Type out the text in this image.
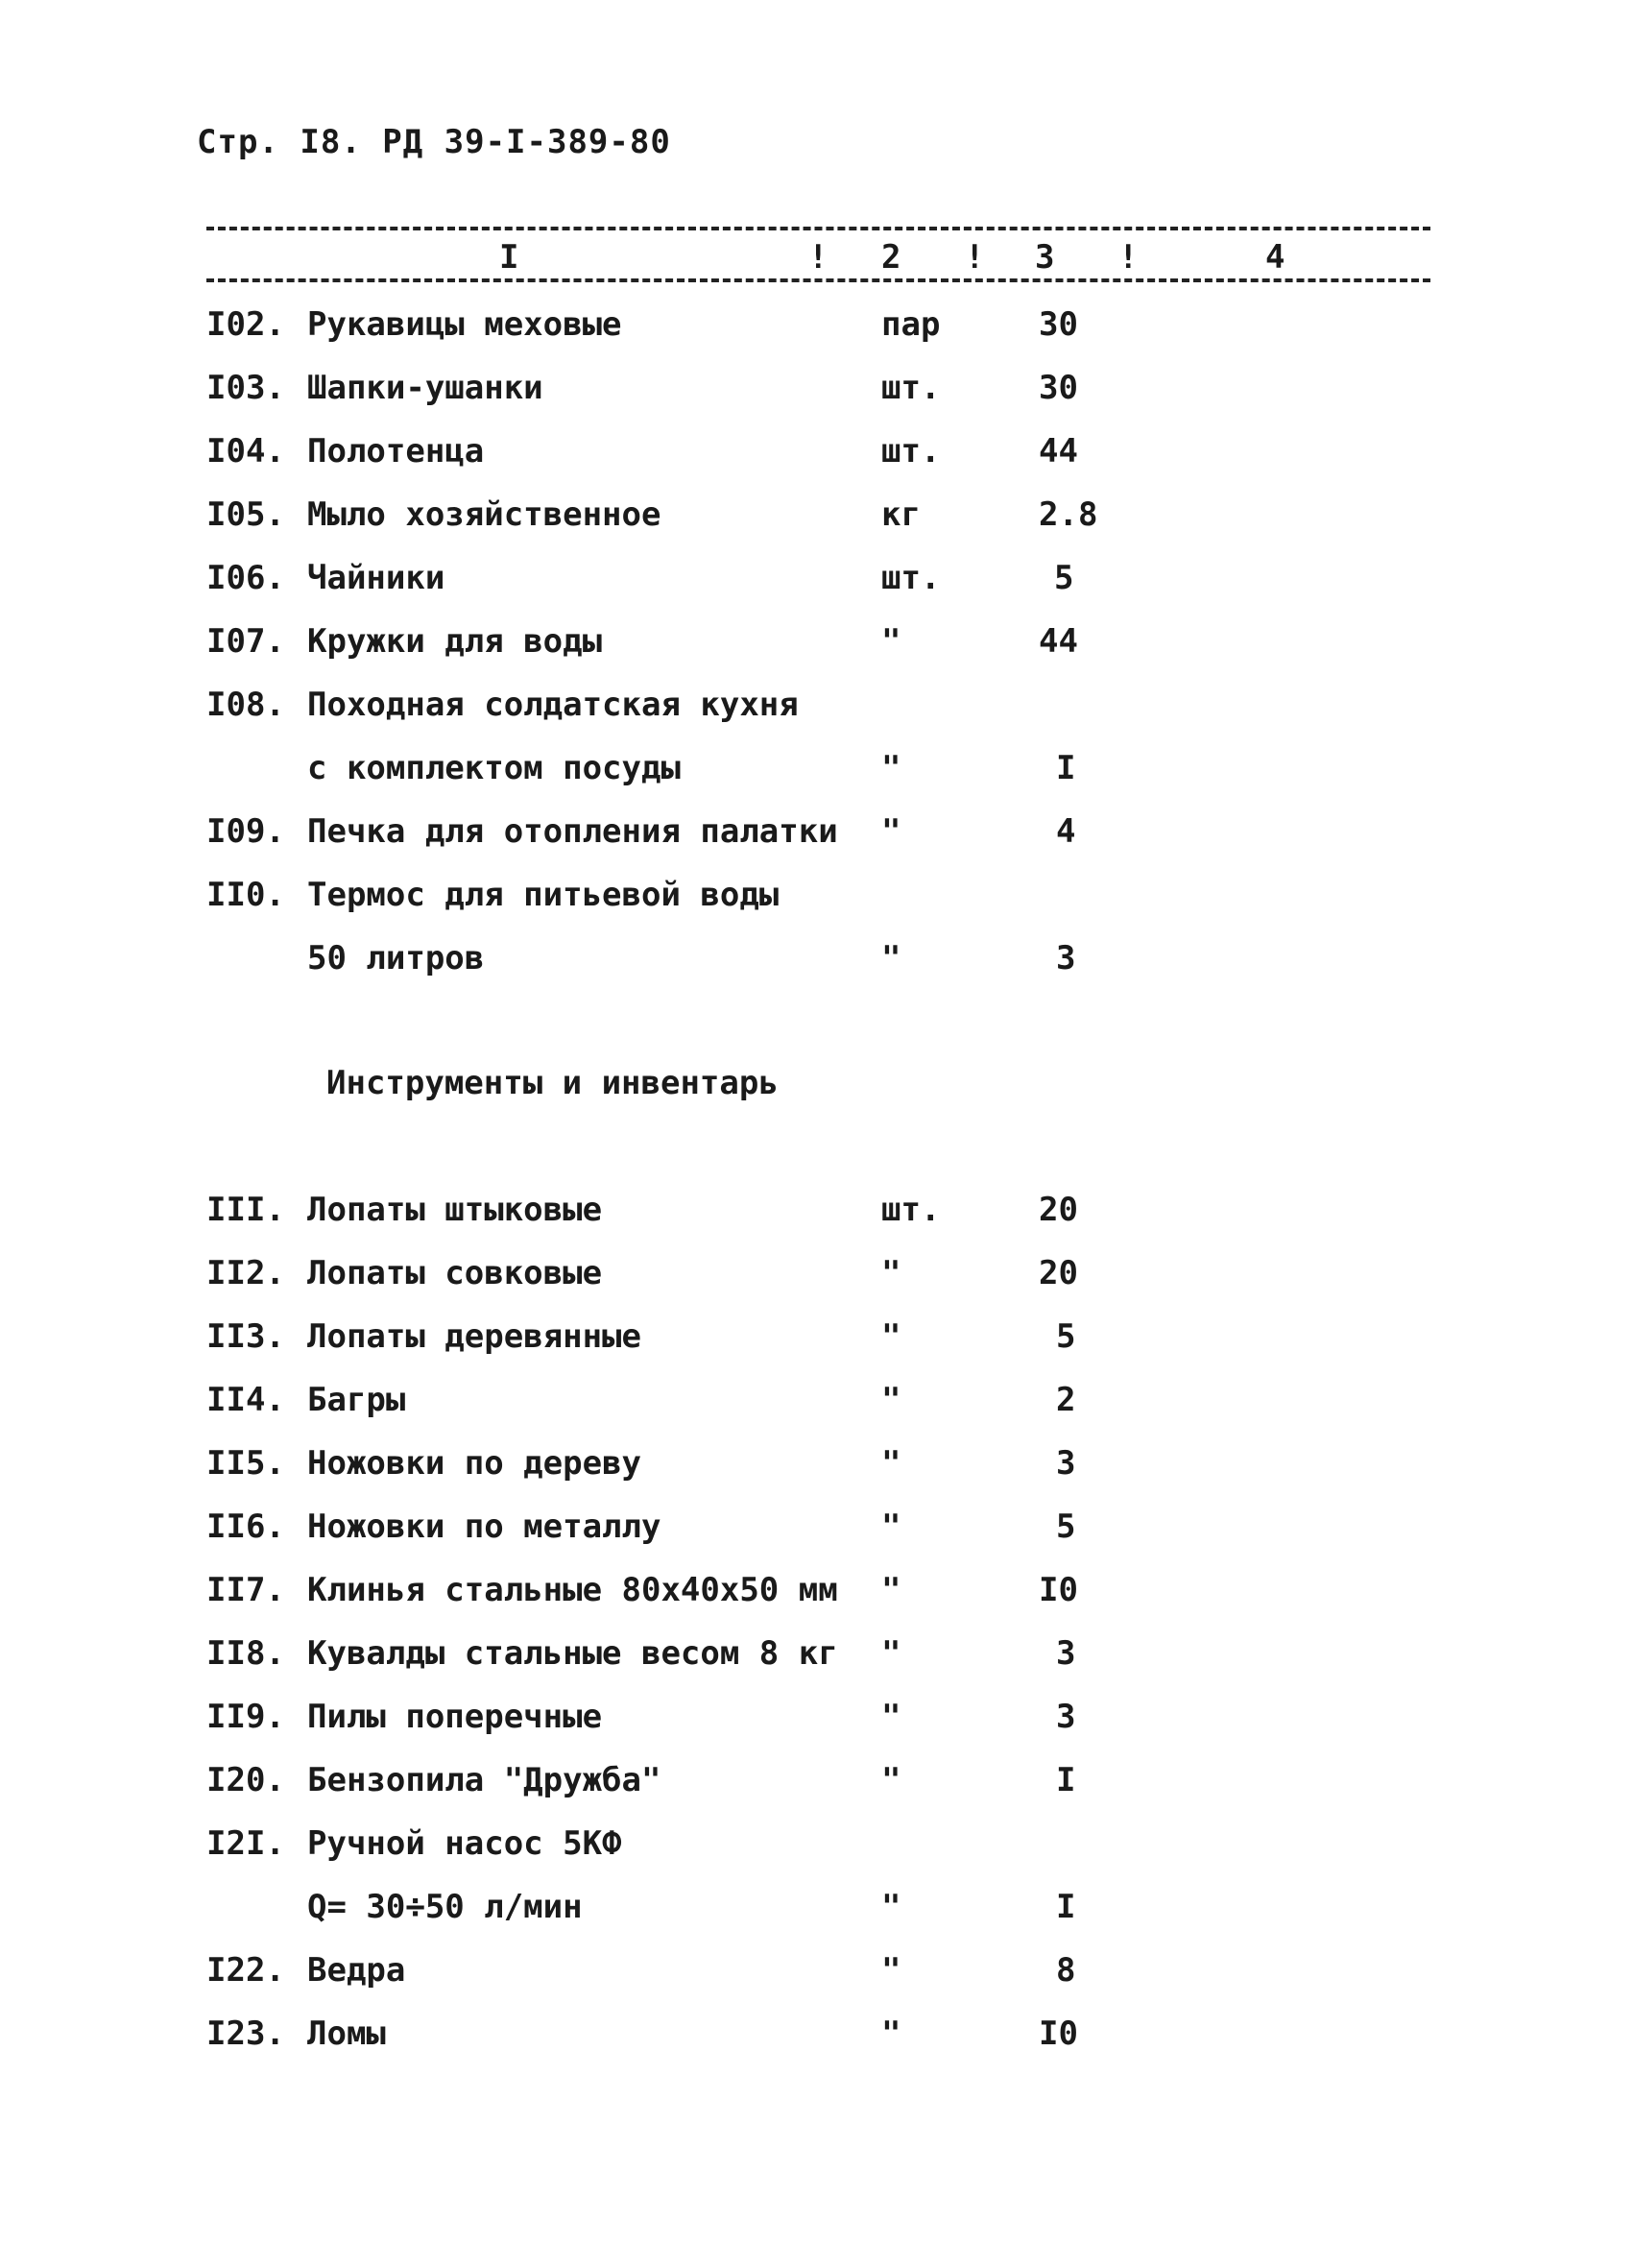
Стр. I8. РД 39-I-389-80
I	! 2 ! 3 !	4
I02. Рукавицы меховые	пар	30
I03. Шапки-ушанки	шт.	30
I04. Полотенца	шт.	44
I05. Мыло хозяйственное	кг	2.8
I06. Чайники	шт.	5
I07. Кружки для воды	"	44
I08. Походная солдатская кухня
с комплектом посуды	"	I
I09. Печка для отопления палатки "	4
II0. Термос для питьевой воды
50 литров	"	3
Инструменты и инвентарь
III. Лопаты штыковые	шт.	20
II2. Лопаты совковые	"	20
II3. Лопаты деревянные	"	5
II4. Багры	"	2
II5. Ножовки по дереву	"	3
II6. Ножовки по металлу	"	5
II7. Клинья стальные 80x40x50 мм "	I0
II8. Кувалды стальные весом 8 кг "	3
II9. Пилы поперечные	"	3
I20. Бензопила "Дружба"	"	I
I2I. Ручной насос 5КФ
Q= 30÷50 л/мин	"	I
I22. Ведра	"	8
I23. Ломы	"	I0
